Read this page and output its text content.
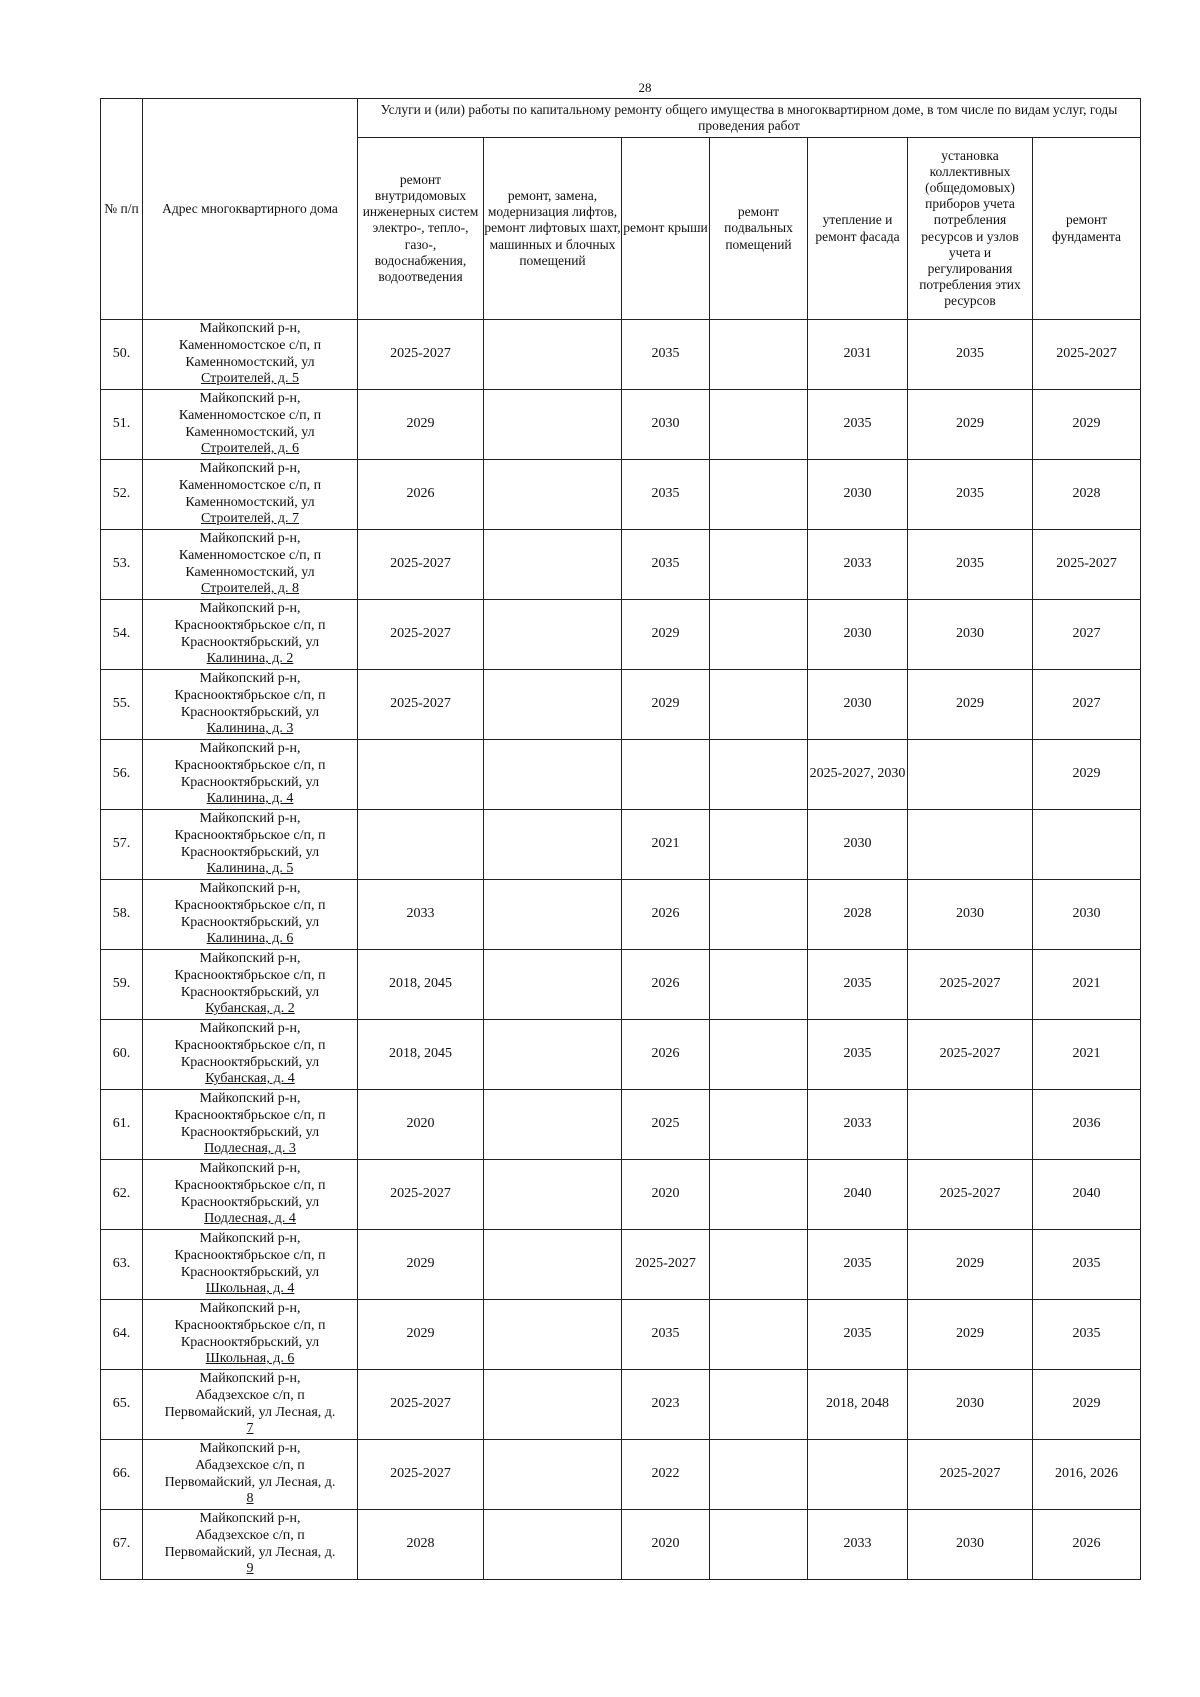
28
№ п/п	Адрес многоквартирного дома	Услуги и (или) работы по капитальному ремонту общего имущества в многоквартирном доме, в том числе по видам услуг, годы проведения работ						
		ремонт внутридомовых инженерных систем электро-, тепло-, газо-, водоснабжения, водоотведения	ремонт, замена, модернизация лифтов, ремонт лифтовых шахт, машинных и блочных помещений	ремонт крыши	ремонт подвальных помещений	утепление и ремонт фасада	установка коллективных (общедомовых) приборов учета потребления ресурсов и узлов учета и регулирования потребления этих ресурсов	ремонт фундамента
50.	Майкопский р-н,
Каменномостское с/п, п
Каменномостский, ул
Строителей, д. 5	2025-2027		2035		2031	2035	2025-2027
51.	Майкопский р-н,
Каменномостское с/п, п
Каменномостский, ул
Строителей, д. 6	2029		2030		2035	2029	2029
52.	Майкопский р-н,
Каменномостское с/п, п
Каменномостский, ул
Строителей, д. 7	2026		2035		2030	2035	2028
53.	Майкопский р-н,
Каменномостское с/п, п
Каменномостский, ул
Строителей, д. 8	2025-2027		2035		2033	2035	2025-2027
54.	Майкопский р-н,
Краснооктябрьское с/п, п
Краснооктябрьский, ул
Калинина, д. 2	2025-2027		2029		2030	2030	2027
55.	Майкопский р-н,
Краснооктябрьское с/п, п
Краснооктябрьский, ул
Калинина, д. 3	2025-2027		2029		2030	2029	2027
56.	Майкопский р-н,
Краснооктябрьское с/п, п
Краснооктябрьский, ул
Калинина, д. 4					2025-2027, 2030		2029
57.	Майкопский р-н,
Краснооктябрьское с/п, п
Краснооктябрьский, ул
Калинина, д. 5			2021		2030		
58.	Майкопский р-н,
Краснооктябрьское с/п, п
Краснооктябрьский, ул
Калинина, д. 6	2033		2026		2028	2030	2030
59.	Майкопский р-н,
Краснооктябрьское с/п, п
Краснооктябрьский, ул
Кубанская, д. 2	2018, 2045		2026		2035	2025-2027	2021
60.	Майкопский р-н,
Краснооктябрьское с/п, п
Краснооктябрьский, ул
Кубанская, д. 4	2018, 2045		2026		2035	2025-2027	2021
61.	Майкопский р-н,
Краснооктябрьское с/п, п
Краснооктябрьский, ул
Подлесная, д. 3	2020		2025		2033		2036
62.	Майкопский р-н,
Краснооктябрьское с/п, п
Краснооктябрьский, ул
Подлесная, д. 4	2025-2027		2020		2040	2025-2027	2040
63.	Майкопский р-н,
Краснооктябрьское с/п, п
Краснооктябрьский, ул
Школьная, д. 4	2029		2025-2027		2035	2029	2035
64.	Майкопский р-н,
Краснооктябрьское с/п, п
Краснооктябрьский, ул
Школьная, д. 6	2029		2035		2035	2029	2035
65.	Майкопский р-н,
Абадзехское с/п, п
Первомайский, ул Лесная, д.
7	2025-2027		2023		2018, 2048	2030	2029
66.	Майкопский р-н,
Абадзехское с/п, п
Первомайский, ул Лесная, д.
8	2025-2027		2022			2025-2027	2016, 2026
67.	Майкопский р-н,
Абадзехское с/п, п
Первомайский, ул Лесная, д.
9	2028		2020		2033	2030	2026
